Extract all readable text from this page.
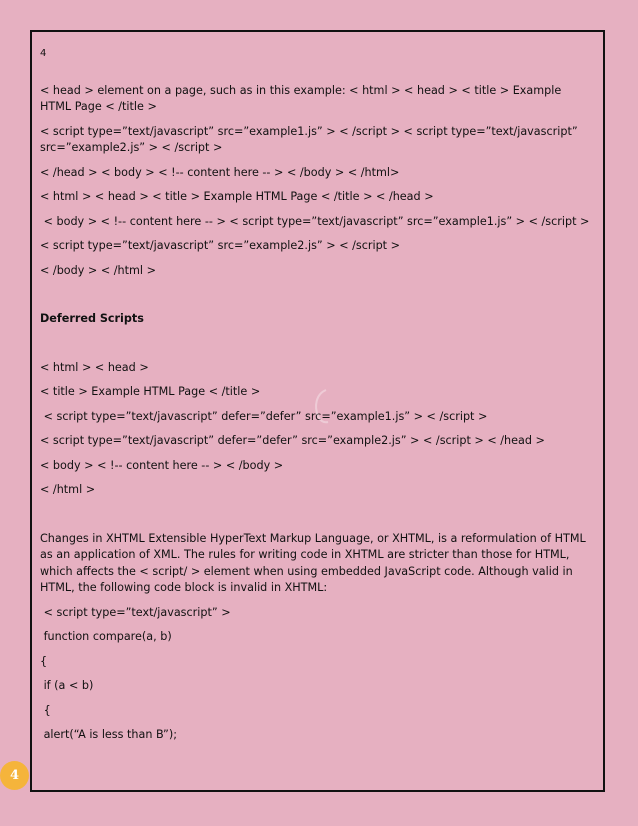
4
< head > element on a page, such as in this example: < html > < head > < title > Example HTML Page < /title >
< script type=”text/javascript” src=”example1.js” > < /script > < script type=”text/javascript” src=”example2.js” > < /script >
< /head > < body > < !-- content here -- > < /body > < /html>
< html > < head > < title > Example HTML Page < /title > < /head >
< body > < !-- content here -- > < script type=”text/javascript” src=”example1.js” > < /script >
< script type=”text/javascript” src=”example2.js” > < /script >
< /body > < /html >
Deferred Scripts
< html > < head >
< title > Example HTML Page < /title >
< script type=”text/javascript” defer=”defer” src=”example1.js” > < /script >
< script type=”text/javascript” defer=”defer” src=”example2.js” > < /script > < /head >
< body > < !-- content here -- > < /body >
< /html >
Changes in XHTML Extensible HyperText Markup Language, or XHTML, is a reformulation of HTML as an application of XML. The rules for writing code in XHTML are stricter than those for HTML, which affects the < script/ > element when using embedded JavaScript code. Although valid in HTML, the following code block is invalid in XHTML:
< script type=”text/javascript” >
function compare(a, b)
{
if (a < b)
{
alert(“A is less than B”);
4
